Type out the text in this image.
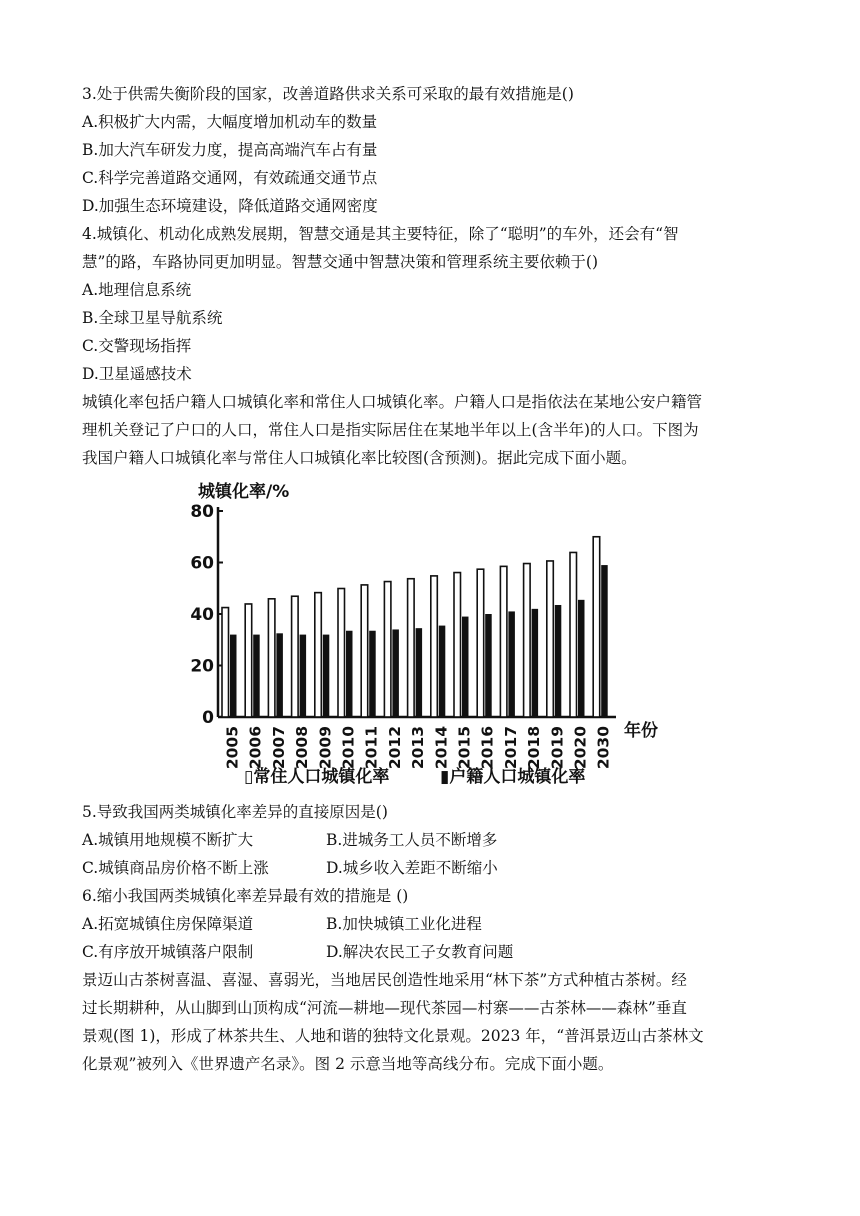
3.处于供需失衡阶段的国家，改善道路供求关系可采取的最有效措施是()
A.积极扩大内需，大幅度增加机动车的数量
B.加大汽车研发力度，提高高端汽车占有量
C.科学完善道路交通网，有效疏通交通节点
D.加强生态环境建设，降低道路交通网密度
4.城镇化、机动化成熟发展期，智慧交通是其主要特征，除了“聪明”的车外，还会有“智
慧”的路，车路协同更加明显。智慧交通中智慧决策和管理系统主要依赖于()
A.地理信息系统
B.全球卫星导航系统
C.交警现场指挥
D.卫星遥感技术
城镇化率包括户籍人口城镇化率和常住人口城镇化率。户籍人口是指依法在某地公安户籍管
理机关登记了户口的人口，常住人口是指实际居住在某地半年以上(含半年)的人口。下图为
我国户籍人口城镇化率与常住人口城镇化率比较图(含预测)。据此完成下面小题。
0
20
40
60
80
城镇化率/%
年份
2005 2006 2007 2008 2009 2010 2011 2012 2013 2014 2015 2016 2017 2018 2019 2020 2030
▯常住人口城镇化率	▮户籍人口城镇化率
5.导致我国两类城镇化率差异的直接原因是()
A.城镇用地规模不断扩大	B.进城务工人员不断增多
C.城镇商品房价格不断上涨	D.城乡收入差距不断缩小
6.缩小我国两类城镇化率差异最有效的措施是 ()
A.拓宽城镇住房保障渠道	B.加快城镇工业化进程
C.有序放开城镇落户限制	D.解决农民工子女教育问题
景迈山古茶树喜温、喜湿、喜弱光，当地居民创造性地采用“林下茶”方式种植古茶树。经
过长期耕种，从山脚到山顶构成“河流—耕地—现代茶园—村寨——古茶林——森林”垂直
景观(图 1)，形成了林茶共生、人地和谐的独特文化景观。2023 年，“普洱景迈山古茶林文
化景观”被列入《世界遗产名录》。图 2 示意当地等高线分布。完成下面小题。
